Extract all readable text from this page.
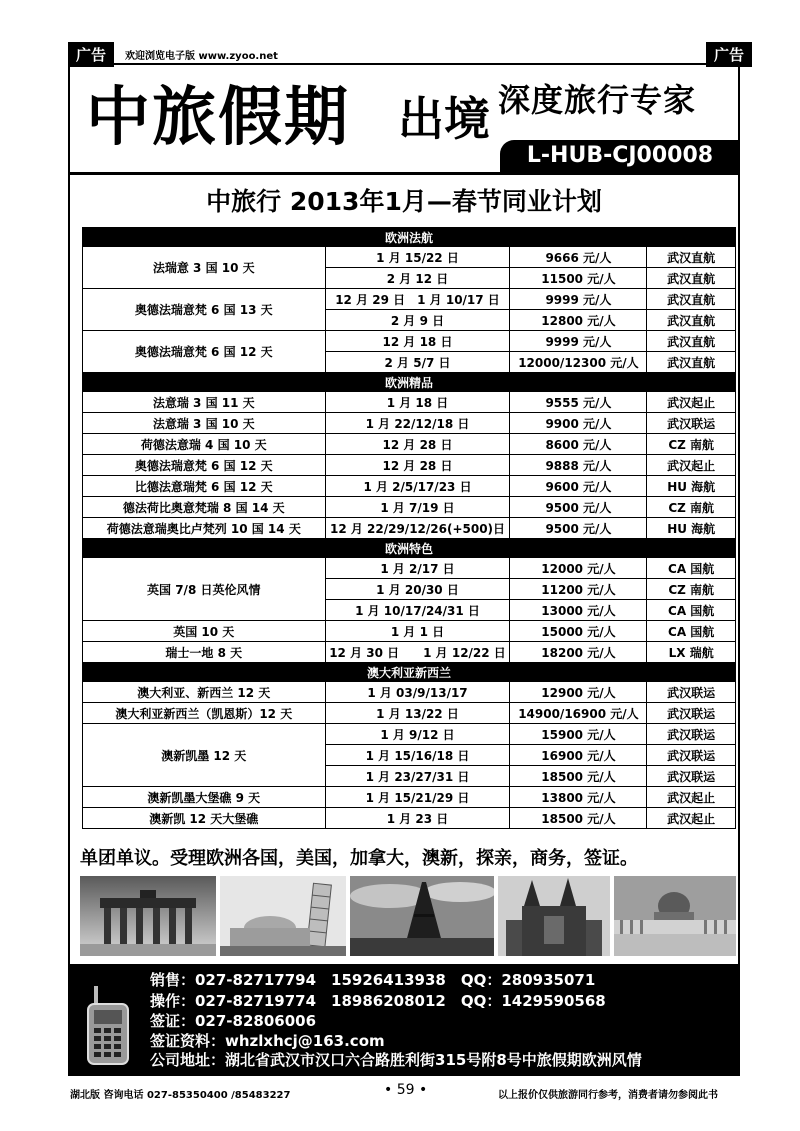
广告	欢迎浏览电子版 www.zyoo.net	广告
中旅假期 出境 深度旅行专家
L-HUB-CJ00008
中旅行 2013年1月—春节同业计划
欧洲法航			
法瑞意 3 国 10 天	1 月 15/22 日	9666 元/人	武汉直航
	2 月 12 日	11500 元/人	武汉直航
奥德法瑞意梵 6 国 13 天	12 月 29 日　1 月 10/17 日	9999 元/人	武汉直航
	2 月 9 日	12800 元/人	武汉直航
奥德法瑞意梵 6 国 12 天	12 月 18 日	9999 元/人	武汉直航
	2 月 5/7 日	12000/12300 元/人	武汉直航
欧洲精品			
法意瑞 3 国 11 天	1 月 18 日	9555 元/人	武汉起止
法意瑞 3 国 10 天	1 月 22/12/18 日	9900 元/人	武汉联运
荷德法意瑞 4 国 10 天	12 月 28 日	8600 元/人	CZ 南航
奥德法瑞意梵 6 国 12 天	12 月 28 日	9888 元/人	武汉起止
比德法意瑞梵 6 国 12 天	1 月 2/5/17/23 日	9600 元/人	HU 海航
德法荷比奥意梵瑞 8 国 14 天	1 月 7/19 日	9500 元/人	CZ 南航
荷德法意瑞奥比卢梵列 10 国 14 天	12 月 22/29/12/26(+500)日	9500 元/人	HU 海航
欧洲特色			
英国 7/8 日英伦风情	1 月 2/17 日	12000 元/人	CA 国航
	1 月 20/30 日	11200 元/人	CZ 南航
	1 月 10/17/24/31 日	13000 元/人	CA 国航
英国 10 天	1 月 1 日	15000 元/人	CA 国航
瑞士一地 8 天	12 月 30 日　　1 月 12/22 日	18200 元/人	LX 瑞航
澳大利亚新西兰			
澳大利亚、新西兰 12 天	1 月 03/9/13/17	12900 元/人	武汉联运
澳大利亚新西兰（凯恩斯）12 天	1 月 13/22 日	14900/16900 元/人	武汉联运
澳新凯墨 12 天	1 月 9/12 日	15900 元/人	武汉联运
	1 月 15/16/18 日	16900 元/人	武汉联运
	1 月 23/27/31 日	18500 元/人	武汉联运
澳新凯墨大堡礁 9 天	1 月 15/21/29 日	13800 元/人	武汉起止
澳新凯 12 天大堡礁	1 月 23 日	18500 元/人	武汉起止
单团单议。受理欧洲各国，美国，加拿大，澳新，探亲，商务，签证。
销售：027-82717794　15926413938　QQ：280935071
操作：027-82719774　18986208012　QQ：1429590568
签证：027-82806006
签证资料：whzlxhcj@163.com
公司地址：湖北省武汉市汉口六合路胜利街315号附8号中旅假期欧洲风情
湖北版 咨询电话 027-85350400 /85483227	• 59 •	以上报价仅供旅游同行参考，消费者请勿参阅此书
